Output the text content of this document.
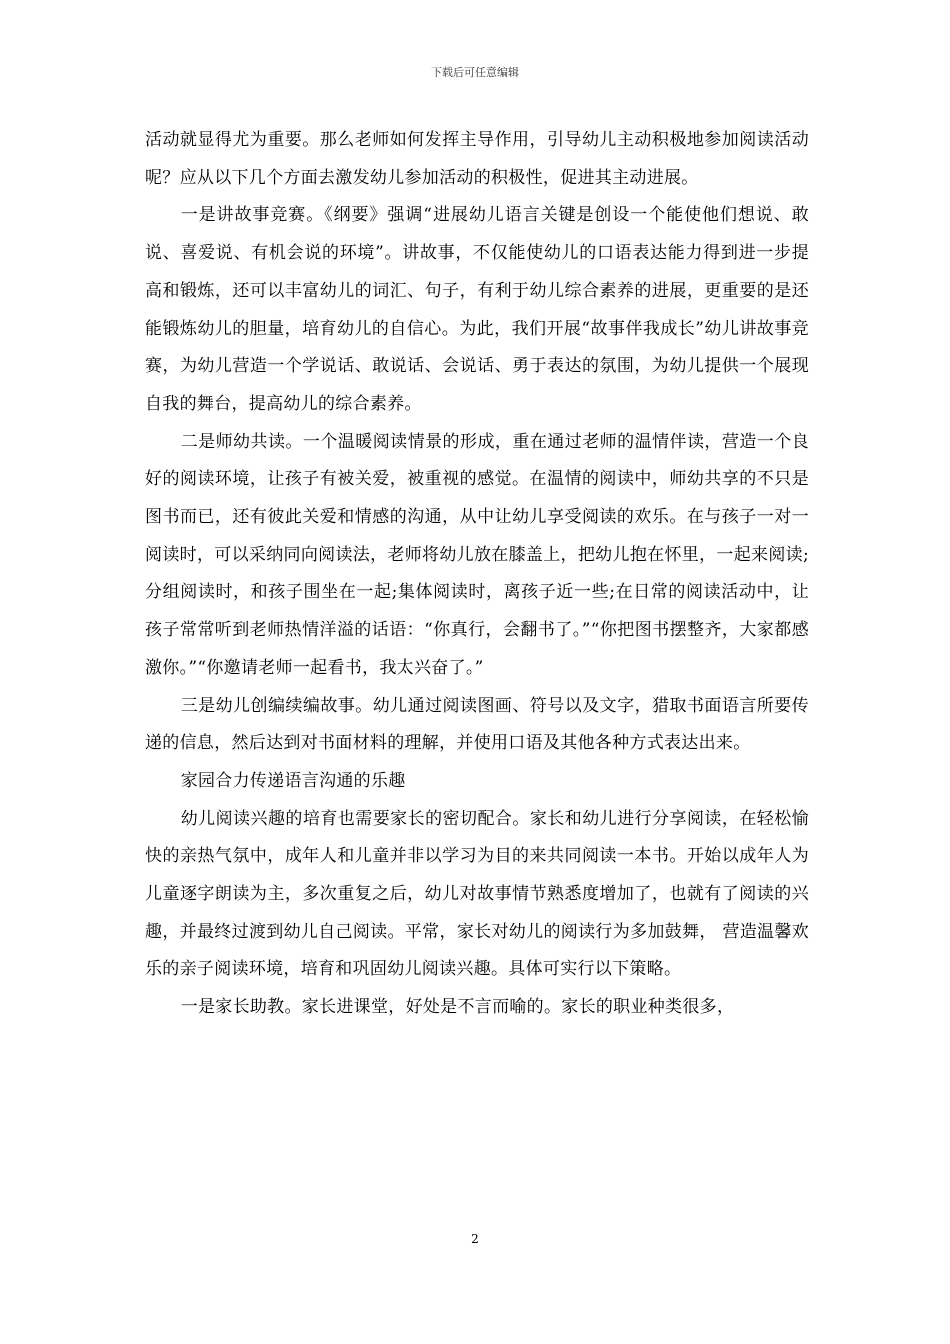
下载后可任意编辑

活动就显得尤为重要。那么老师如何发挥主导作用，引导幼儿主动积极地参加阅读活动呢？应从以下几个方面去激发幼儿参加活动的积极性，促进其主动进展。

一是讲故事竞赛。《纲要》强调“进展幼儿语言关键是创设一个能使他们想说、敢说、喜爱说、有机会说的环境”。讲故事，不仅能使幼儿的口语表达能力得到进一步提高和锻炼，还可以丰富幼儿的词汇、句子，有利于幼儿综合素养的进展，更重要的是还能锻炼幼儿的胆量，培育幼儿的自信心。为此，我们开展“故事伴我成长”幼儿讲故事竞赛，为幼儿营造一个学说话、敢说话、会说话、勇于表达的氛围，为幼儿提供一个展现自我的舞台，提高幼儿的综合素养。

二是师幼共读。一个温暖阅读情景的形成，重在通过老师的温情伴读，营造一个良好的阅读环境，让孩子有被关爱，被重视的感觉。在温情的阅读中，师幼共享的不只是图书而已，还有彼此关爱和情感的沟通，从中让幼儿享受阅读的欢乐。在与孩子一对一阅读时，可以采纳同向阅读法，老师将幼儿放在膝盖上，把幼儿抱在怀里，一起来阅读;分组阅读时，和孩子围坐在一起;集体阅读时，离孩子近一些;在日常的阅读活动中，让孩子常常听到老师热情洋溢的话语：“你真行，会翻书了。”“你把图书摆整齐，大家都感激你。”“你邀请老师一起看书，我太兴奋了。”

三是幼儿创编续编故事。幼儿通过阅读图画、符号以及文字，猎取书面语言所要传递的信息，然后达到对书面材料的理解，并使用口语及其他各种方式表达出来。

家园合力传递语言沟通的乐趣

幼儿阅读兴趣的培育也需要家长的密切配合。家长和幼儿进行分享阅读，在轻松愉快的亲热气氛中，成年人和儿童并非以学习为目的来共同阅读一本书。开始以成年人为儿童逐字朗读为主，多次重复之后，幼儿对故事情节熟悉度增加了，也就有了阅读的兴趣，并最终过渡到幼儿自己阅读。平常，家长对幼儿的阅读行为多加鼓舞， 营造温馨欢乐的亲子阅读环境，培育和巩固幼儿阅读兴趣。具体可实行以下策略。

一是家长助教。家长进课堂，好处是不言而喻的。家长的职业种类很多，

2
